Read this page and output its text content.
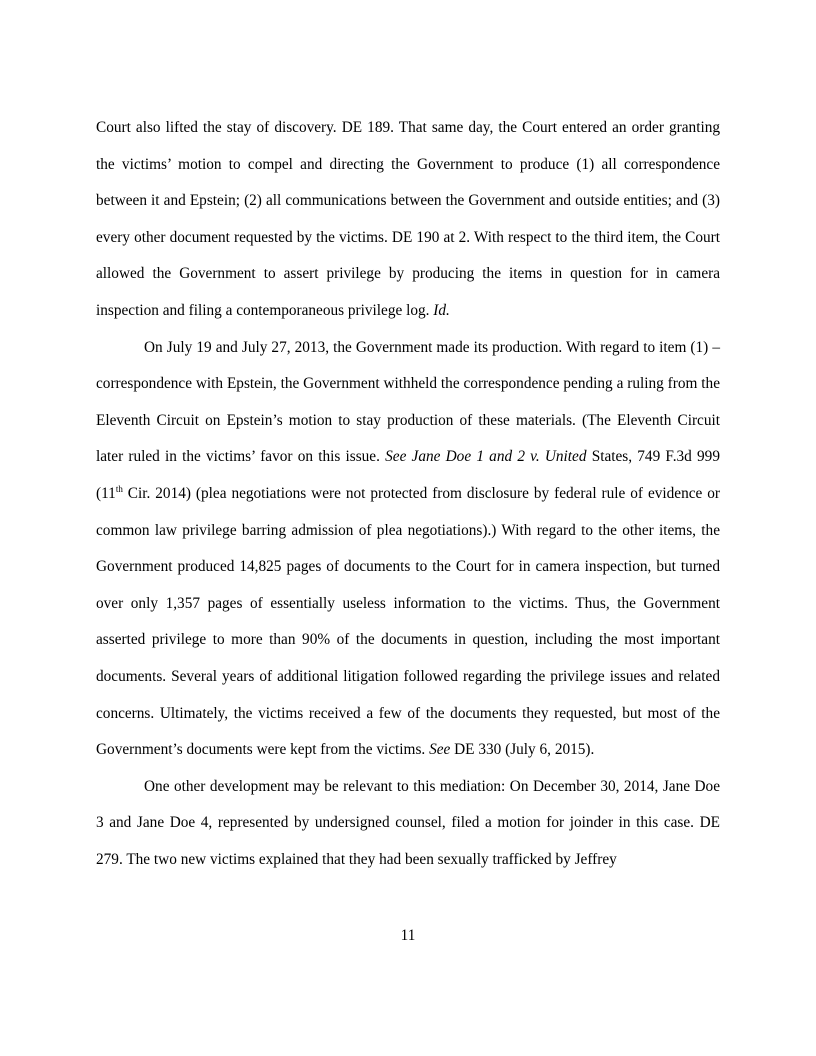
Court also lifted the stay of discovery. DE 189. That same day, the Court entered an order granting the victims’ motion to compel and directing the Government to produce (1) all correspondence between it and Epstein; (2) all communications between the Government and outside entities; and (3) every other document requested by the victims. DE 190 at 2. With respect to the third item, the Court allowed the Government to assert privilege by producing the items in question for in camera inspection and filing a contemporaneous privilege log. Id.

On July 19 and July 27, 2013, the Government made its production. With regard to item (1) – correspondence with Epstein, the Government withheld the correspondence pending a ruling from the Eleventh Circuit on Epstein’s motion to stay production of these materials. (The Eleventh Circuit later ruled in the victims’ favor on this issue. See Jane Doe 1 and 2 v. United States, 749 F.3d 999 (11th Cir. 2014) (plea negotiations were not protected from disclosure by federal rule of evidence or common law privilege barring admission of plea negotiations).) With regard to the other items, the Government produced 14,825 pages of documents to the Court for in camera inspection, but turned over only 1,357 pages of essentially useless information to the victims. Thus, the Government asserted privilege to more than 90% of the documents in question, including the most important documents. Several years of additional litigation followed regarding the privilege issues and related concerns. Ultimately, the victims received a few of the documents they requested, but most of the Government’s documents were kept from the victims. See DE 330 (July 6, 2015).

One other development may be relevant to this mediation: On December 30, 2014, Jane Doe 3 and Jane Doe 4, represented by undersigned counsel, filed a motion for joinder in this case. DE 279. The two new victims explained that they had been sexually trafficked by Jeffrey

11
